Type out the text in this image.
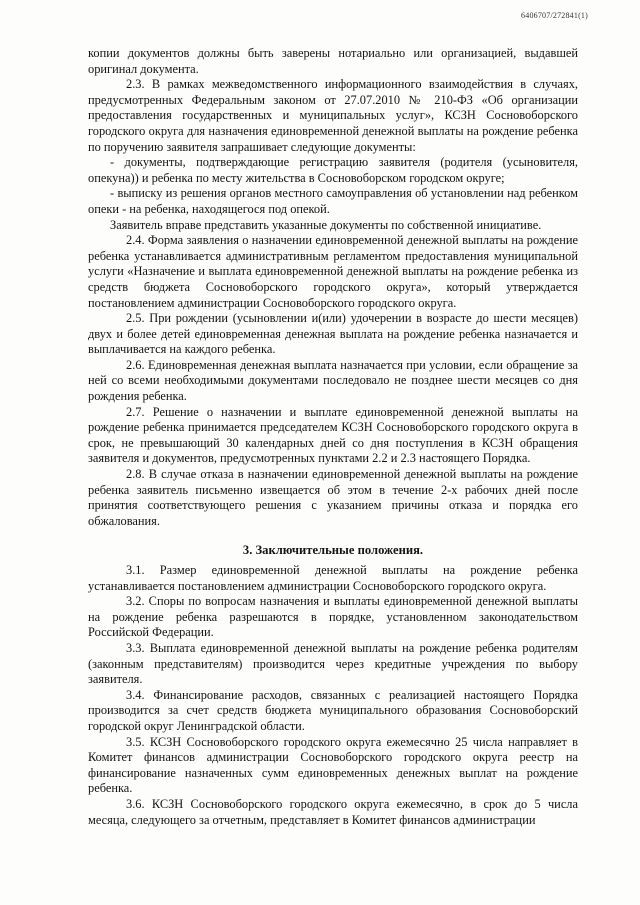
6406707/272841(1)

копии документов должны быть заверены нотариально или организацией, выдавшей оригинал документа.

2.3. В рамках межведомственного информационного взаимодействия в случаях, предусмотренных Федеральным законом от 27.07.2010 № 210-ФЗ «Об организации предоставления государственных и муниципальных услуг», КСЗН Сосновоборского городского округа для назначения единовременной денежной выплаты на рождение ребенка по поручению заявителя запрашивает следующие документы:

- документы, подтверждающие регистрацию заявителя (родителя (усыновителя, опекуна)) и ребенка по месту жительства в Сосновоборском городском округе;

- выписку из решения органов местного самоуправления об установлении над ребенком опеки - на ребенка, находящегося под опекой.

Заявитель вправе представить указанные документы по собственной инициативе.

2.4. Форма заявления о назначении единовременной денежной выплаты на рождение ребенка устанавливается административным регламентом предоставления муниципальной услуги «Назначение и выплата единовременной денежной выплаты на рождение ребенка из средств бюджета Сосновоборского городского округа», который утверждается постановлением администрации Сосновоборского городского округа.

2.5. При рождении (усыновлении и(или) удочерении в возрасте до шести месяцев) двух и более детей единовременная денежная выплата на рождение ребенка назначается и выплачивается на каждого ребенка.

2.6. Единовременная денежная выплата назначается при условии, если обращение за ней со всеми необходимыми документами последовало не позднее шести месяцев со дня рождения ребенка.

2.7. Решение о назначении и выплате единовременной денежной выплаты на рождение ребенка принимается председателем КСЗН Сосновоборского городского округа в срок, не превышающий 30 календарных дней со дня поступления в КСЗН обращения заявителя и документов, предусмотренных пунктами 2.2 и 2.3 настоящего Порядка.

2.8. В случае отказа в назначении единовременной денежной выплаты на рождение ребенка заявитель письменно извещается об этом в течение 2-х рабочих дней после принятия соответствующего решения с указанием причины отказа и порядка его обжалования.

3. Заключительные положения.

3.1. Размер единовременной денежной выплаты на рождение ребенка устанавливается постановлением администрации Сосновоборского городского округа.

3.2. Споры по вопросам назначения и выплаты единовременной денежной выплаты на рождение ребенка разрешаются в порядке, установленном законодательством Российской Федерации.

3.3. Выплата единовременной денежной выплаты на рождение ребенка родителям (законным представителям) производится через кредитные учреждения по выбору заявителя.

3.4. Финансирование расходов, связанных с реализацией настоящего Порядка производится за счет средств бюджета муниципального образования Сосновоборский городской округ Ленинградской области.

3.5. КСЗН Сосновоборского городского округа ежемесячно 25 числа направляет в Комитет финансов администрации Сосновоборского городского округа реестр на финансирование назначенных сумм единовременных денежных выплат на рождение ребенка.

3.6. КСЗН Сосновоборского городского округа ежемесячно, в срок до 5 числа месяца, следующего за отчетным, представляет в Комитет финансов администрации
